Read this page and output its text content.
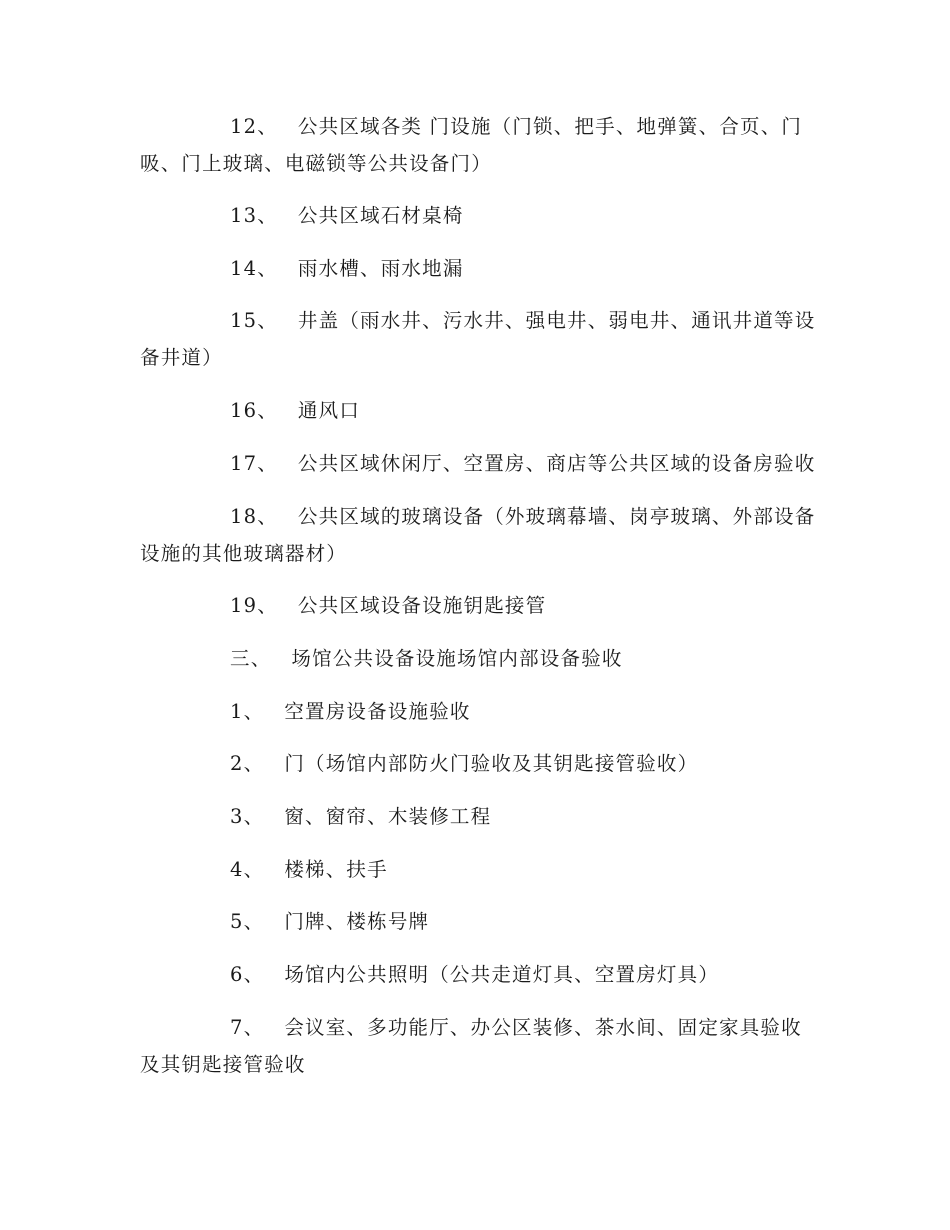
12、 公共区域各类 门设施（门锁、把手、地弹簧、合页、门吸、门上玻璃、电磁锁等公共设备门）

13、 公共区域石材桌椅

14、 雨水槽、雨水地漏

15、 井盖（雨水井、污水井、强电井、弱电井、通讯井道等设备井道）

16、 通风口

17、 公共区域休闲厅、空置房、商店等公共区域的设备房验收

18、 公共区域的玻璃设备（外玻璃幕墙、岗亭玻璃、外部设备设施的其他玻璃器材）

19、 公共区域设备设施钥匙接管

三、 场馆公共设备设施场馆内部设备验收

1、 空置房设备设施验收

2、 门（场馆内部防火门验收及其钥匙接管验收）

3、 窗、窗帘、木装修工程

4、 楼梯、扶手

5、 门牌、楼栋号牌

6、 场馆内公共照明（公共走道灯具、空置房灯具）

7、 会议室、多功能厅、办公区装修、茶水间、固定家具验收及其钥匙接管验收
